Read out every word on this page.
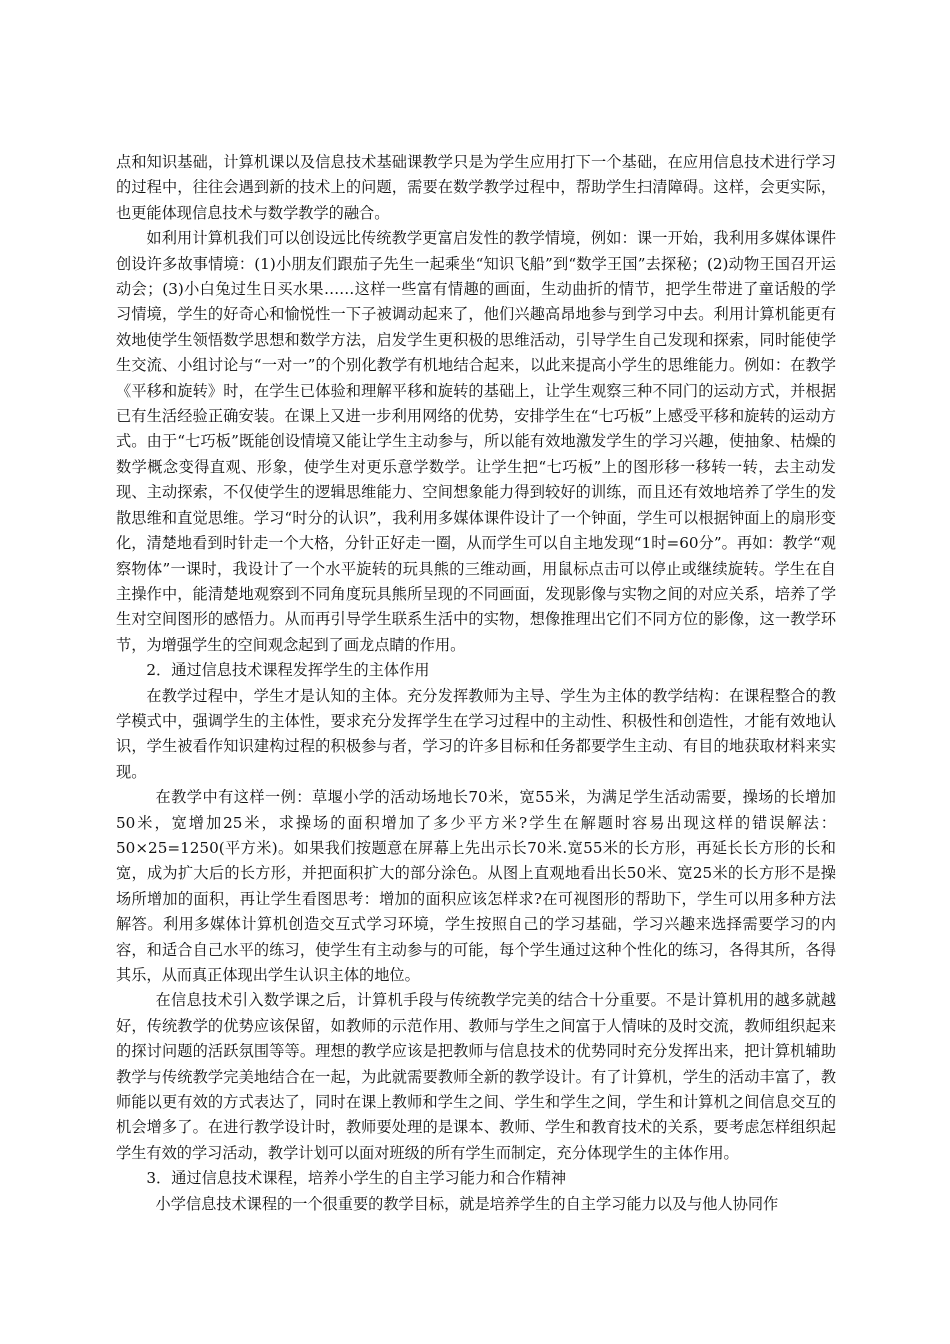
点和知识基础，计算机课以及信息技术基础课教学只是为学生应用打下一个基础，在应用信息技术进行学习的过程中，往往会遇到新的技术上的问题，需要在数学教学过程中，帮助学生扫清障碍。这样，会更实际，也更能体现信息技术与数学教学的融合。

如利用计算机我们可以创设远比传统教学更富启发性的教学情境，例如：课一开始，我利用多媒体课件创设许多故事情境：(1)小朋友们跟茄子先生一起乘坐“知识飞船”到“数学王国”去探秘；(2)动物王国召开运动会；(3)小白兔过生日买水果……这样一些富有情趣的画面，生动曲折的情节，把学生带进了童话般的学习情境，学生的好奇心和愉悦性一下子被调动起来了，他们兴趣高昂地参与到学习中去。利用计算机能更有效地使学生领悟数学思想和数学方法，启发学生更积极的思维活动，引导学生自己发现和探索，同时能使学生交流、小组讨论与“一对一”的个别化教学有机地结合起来，以此来提高小学生的思维能力。例如：在教学《平移和旋转》时，在学生已体验和理解平移和旋转的基础上，让学生观察三种不同门的运动方式，并根据已有生活经验正确安装。在课上又进一步利用网络的优势，安排学生在“七巧板”上感受平移和旋转的运动方式。由于“七巧板”既能创设情境又能让学生主动参与，所以能有效地激发学生的学习兴趣，使抽象、枯燥的数学概念变得直观、形象，使学生对更乐意学数学。让学生把“七巧板”上的图形移一移转一转，去主动发现、主动探索，不仅使学生的逻辑思维能力、空间想象能力得到较好的训练，而且还有效地培养了学生的发散思维和直觉思维。学习“时分的认识”，我利用多媒体课件设计了一个钟面，学生可以根据钟面上的扇形变化，清楚地看到时针走一个大格，分针正好走一圈，从而学生可以自主地发现“1时=60分”。再如：教学“观察物体”一课时，我设计了一个水平旋转的玩具熊的三维动画，用鼠标点击可以停止或继续旋转。学生在自主操作中，能清楚地观察到不同角度玩具熊所呈现的不同画面，发现影像与实物之间的对应关系，培养了学生对空间图形的感悟力。从而再引导学生联系生活中的实物，想像推理出它们不同方位的影像，这一教学环节，为增强学生的空间观念起到了画龙点睛的作用。

2．通过信息技术课程发挥学生的主体作用

在教学过程中，学生才是认知的主体。充分发挥教师为主导、学生为主体的教学结构：在课程整合的教学模式中，强调学生的主体性，要求充分发挥学生在学习过程中的主动性、积极性和创造性，才能有效地认识，学生被看作知识建构过程的积极参与者，学习的许多目标和任务都要学生主动、有目的地获取材料来实现。

在教学中有这样一例：草堰小学的活动场地长70米，宽55米，为满足学生活动需要，操场的长增加50米，宽增加25米，求操场的面积增加了多少平方米?学生在解题时容易出现这样的错误解法：50×25=1250(平方米)。如果我们按题意在屏幕上先出示长70米.宽55米的长方形，再延长长方形的长和宽，成为扩大后的长方形，并把面积扩大的部分涂色。从图上直观地看出长50米、宽25米的长方形不是操场所增加的面积，再让学生看图思考：增加的面积应该怎样求?在可视图形的帮助下，学生可以用多种方法解答。利用多媒体计算机创造交互式学习环境，学生按照自己的学习基础，学习兴趣来选择需要学习的内容，和适合自己水平的练习，使学生有主动参与的可能，每个学生通过这种个性化的练习，各得其所，各得其乐，从而真正体现出学生认识主体的地位。

在信息技术引入数学课之后，计算机手段与传统教学完美的结合十分重要。不是计算机用的越多就越好，传统教学的优势应该保留，如教师的示范作用、教师与学生之间富于人情味的及时交流，教师组织起来的探讨问题的活跃氛围等等。理想的教学应该是把教师与信息技术的优势同时充分发挥出来，把计算机辅助教学与传统教学完美地结合在一起，为此就需要教师全新的教学设计。有了计算机，学生的活动丰富了，教师能以更有效的方式表达了，同时在课上教师和学生之间、学生和学生之间，学生和计算机之间信息交互的机会增多了。在进行教学设计时，教师要处理的是课本、教师、学生和教育技术的关系，要考虑怎样组织起学生有效的学习活动，教学计划可以面对班级的所有学生而制定，充分体现学生的主体作用。

3．通过信息技术课程，培养小学生的自主学习能力和合作精神

小学信息技术课程的一个很重要的教学目标，就是培养学生的自主学习能力以及与他人协同作
